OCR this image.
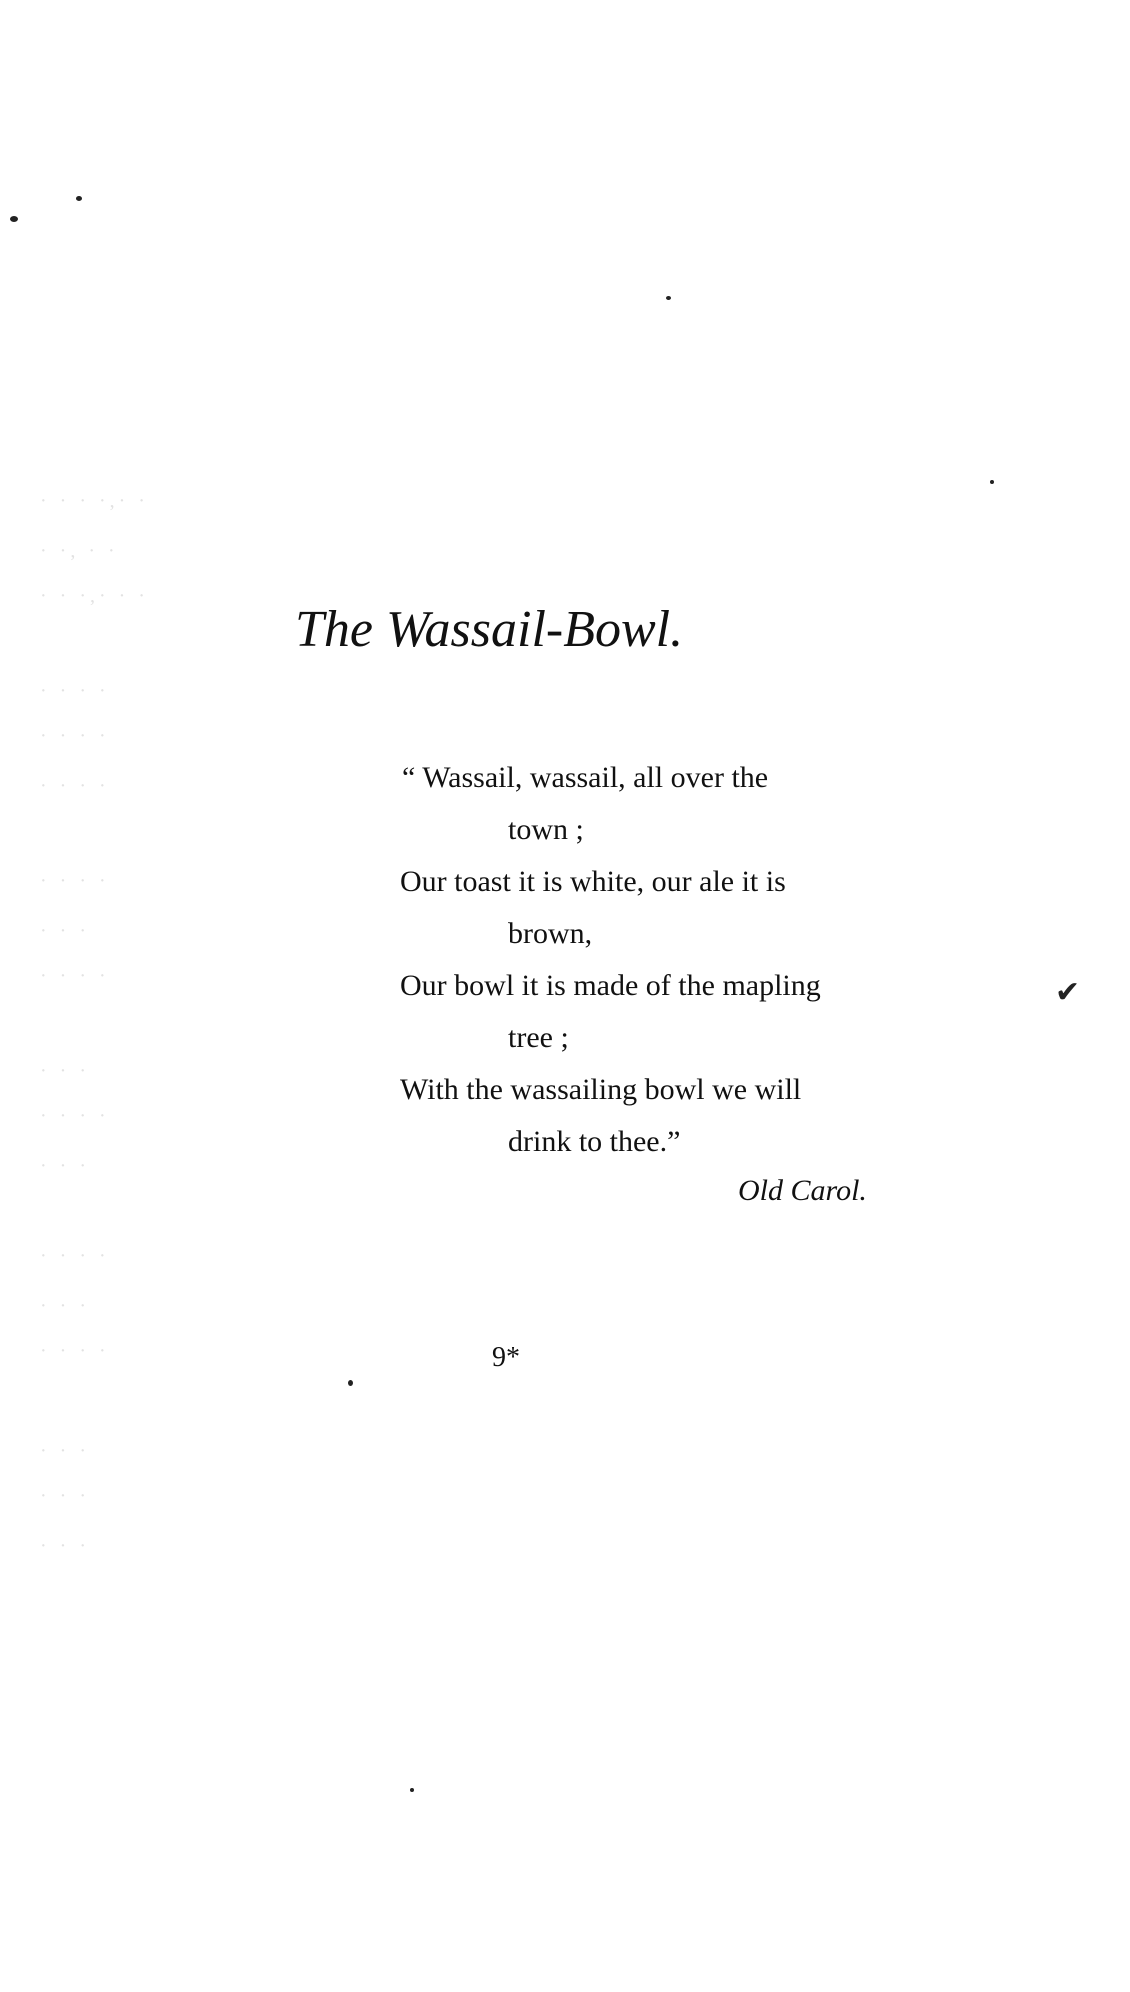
· · · ·,· ·
· ·, · ·
· · ·,· · ·
· · · ·
· · · ·
· · · ·
· · · ·
· · ·
· · · ·
· · ·
· · · ·
· · ·
· · · ·
· · ·
· · · ·
· · ·
· · ·
· · ·
The Wassail-Bowl.
“ Wassail, wassail, all over the
town ;
Our toast it is white, our ale it is
brown,
Our bowl it is made of the mapling
tree ;
With the wassailing bowl we will
drink to thee.”
Old Carol.
9*
✔
